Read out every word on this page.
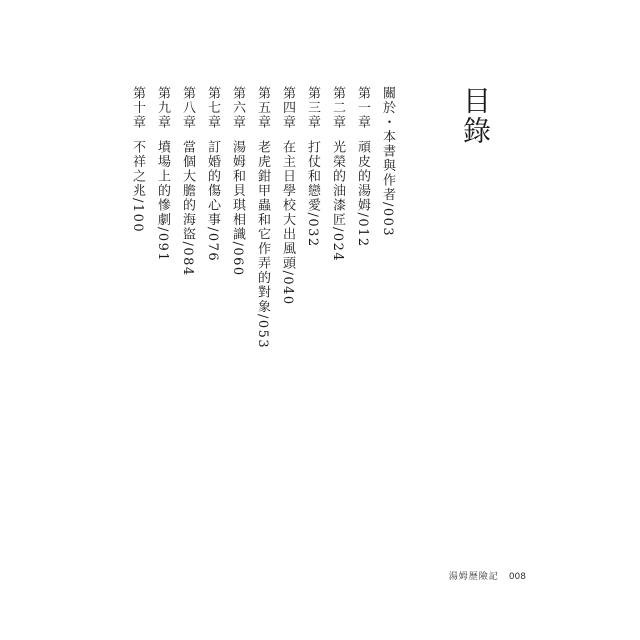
目錄
關於・本書與作者/003
第一章
頑皮的湯姆/012
第二章
光榮的油漆匠/024
第三章
打仗和戀愛/032
第四章
在主日學校大出風頭/040
第五章
老虎鉗甲蟲和它作弄的對象/053
第六章
湯姆和貝琪相識/060
第七章
訂婚的傷心事/076
第八章
當個大膽的海盜/084
第九章
墳場上的慘劇/091
第十章
不祥之兆/100
湯姆歷險記 008
